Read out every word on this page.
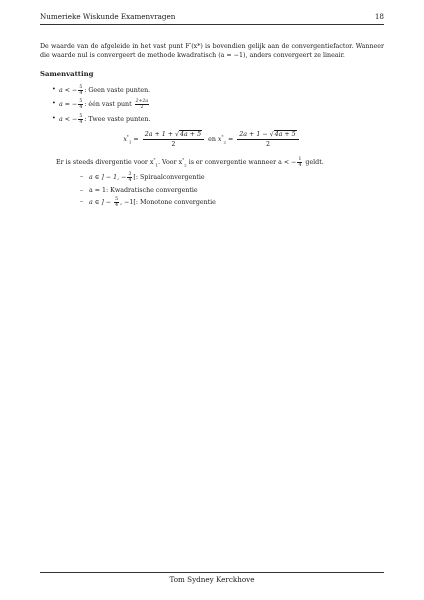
Numerieke Wiskunde Examenvragen	18

De waarde van de afgeleide in het vast punt F′(x*) is bovendien gelijk aan de convergentiefactor. Wanneer die waarde nul is convergeert de methode kwadratisch (a = −1), anders convergeert ze lineair.

Samenvatting
• a < − $\frac{5}{4}$ : Geen vaste punten.
• a = − $\frac{5}{4}$ : één vast punt $\frac{2+2a}{2}$
• a < − $\frac{5}{4}$ : Twee vaste punten.
$x^*_1 = \frac{2a + 1 + √4a + 5}{2}$ en $x^*_2 = \frac{2a + 1 - √4a + 5}{2}$
Er is steeds divergentie voor $x^*_1$. Voor $x^*_2$ is er convergentie wanneer a < − $\frac{1}{4}$ geldt.
– a ∈ ] − 1, − $\frac{3}{4}$ [: Spiraalconvergentie
– a = 1: Kwadratische convergentie
– a ∈ ] − $\frac{5}{4}$ , −1[: Monotone convergentie
Tom Sydney Kerckhove
